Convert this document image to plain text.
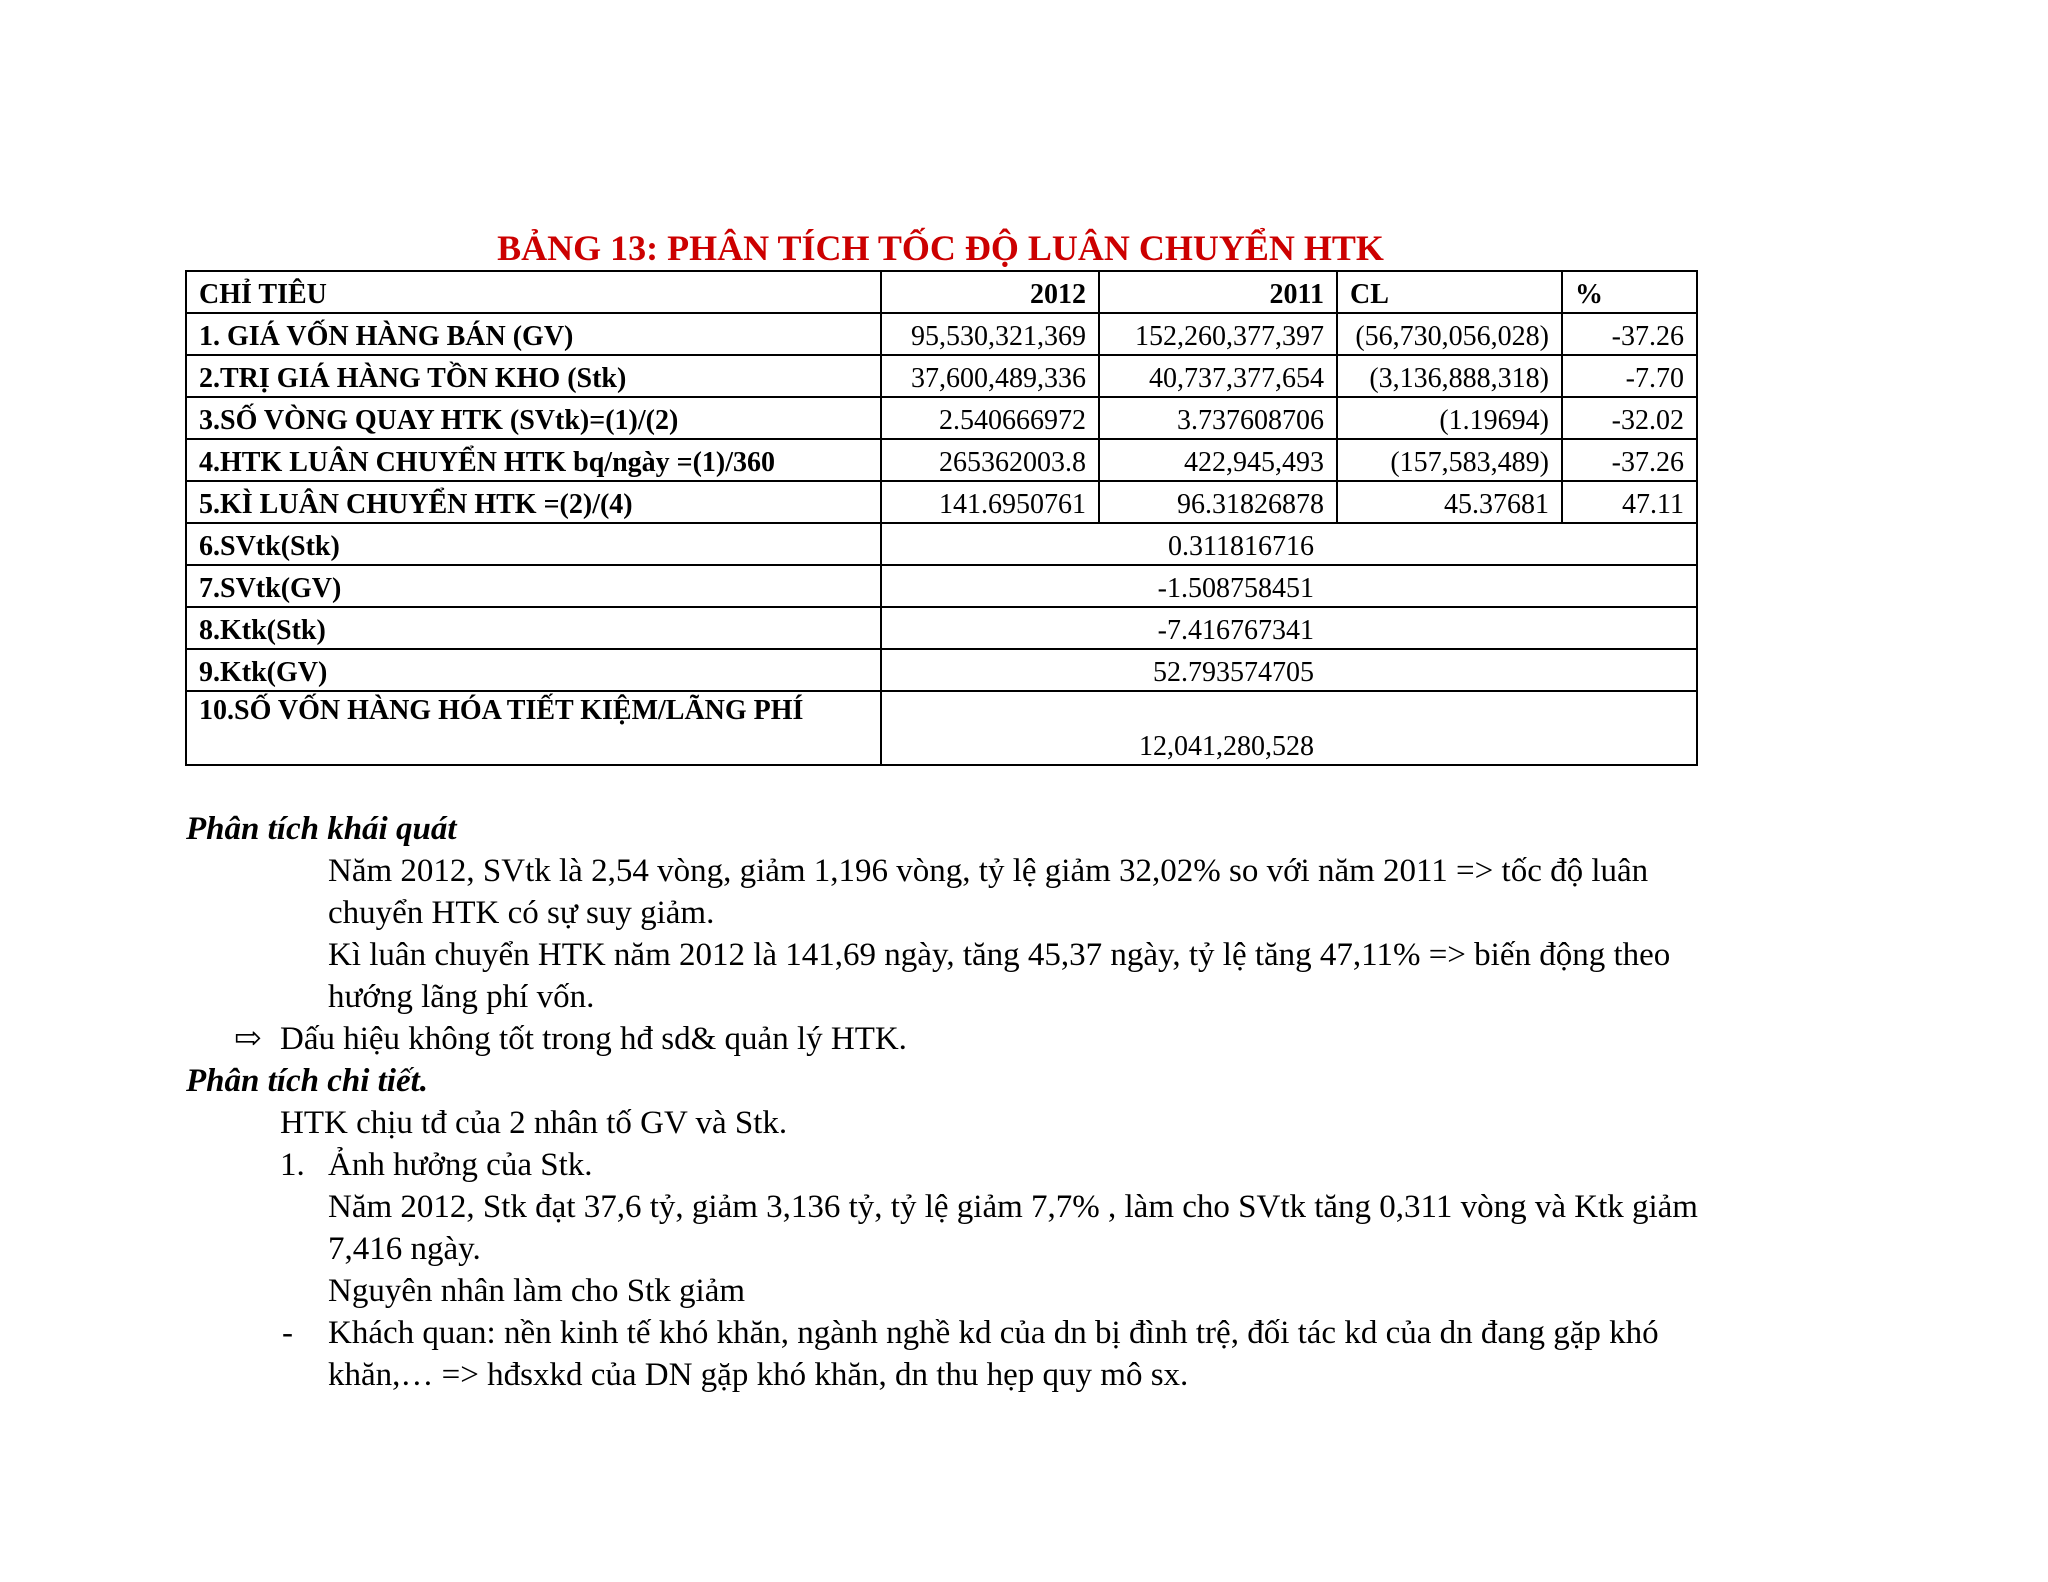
BẢNG 13: PHÂN TÍCH TỐC ĐỘ LUÂN CHUYỂN HTK
CHỈ TIÊU	2012	2011	CL	%
1. GIÁ VỐN HÀNG BÁN (GV)	95,530,321,369	152,260,377,397	(56,730,056,028)	-37.26
2.TRỊ GIÁ HÀNG TỒN KHO (Stk)	37,600,489,336	40,737,377,654	(3,136,888,318)	-7.70
3.SỐ VÒNG QUAY HTK (SVtk)=(1)/(2)	2.540666972	3.737608706	(1.19694)	-32.02
4.HTK LUÂN CHUYỂN HTK bq/ngày =(1)/360	265362003.8	422,945,493	(157,583,489)	-37.26
5.KÌ LUÂN CHUYỂN HTK =(2)/(4)	141.6950761	96.31826878	45.37681	47.11
6.SVtk(Stk)	0.311816716			
7.SVtk(GV)	-1.508758451			
8.Ktk(Stk)	-7.416767341			
9.Ktk(GV)	52.793574705			
10.SỐ VỐN HÀNG HÓA TIẾT KIỆM/LÃNG PHÍ	12,041,280,528			
Phân tích khái quát
Năm 2012, SVtk là 2,54 vòng, giảm 1,196 vòng, tỷ lệ giảm 32,02% so với năm 2011 => tốc độ luân
chuyển HTK có sự suy giảm.
Kì luân chuyển HTK năm 2012 là 141,69 ngày, tăng 45,37 ngày, tỷ lệ tăng 47,11% => biến động theo
hướng lãng phí vốn.
⇨ Dấu hiệu không tốt trong hđ sd& quản lý HTK.
Phân tích chi tiết.
HTK chịu tđ của 2 nhân tố GV và Stk.
1. Ảnh hưởng của Stk.
Năm 2012, Stk đạt 37,6 tỷ, giảm 3,136 tỷ, tỷ lệ giảm 7,7% , làm cho SVtk tăng 0,311 vòng và Ktk giảm
7,416 ngày.
Nguyên nhân làm cho Stk giảm
- Khách quan: nền kinh tế khó khăn, ngành nghề kd của dn bị đình trệ, đối tác kd của dn đang gặp khó
khăn,… => hđsxkd của DN gặp khó khăn, dn thu hẹp quy mô sx.
